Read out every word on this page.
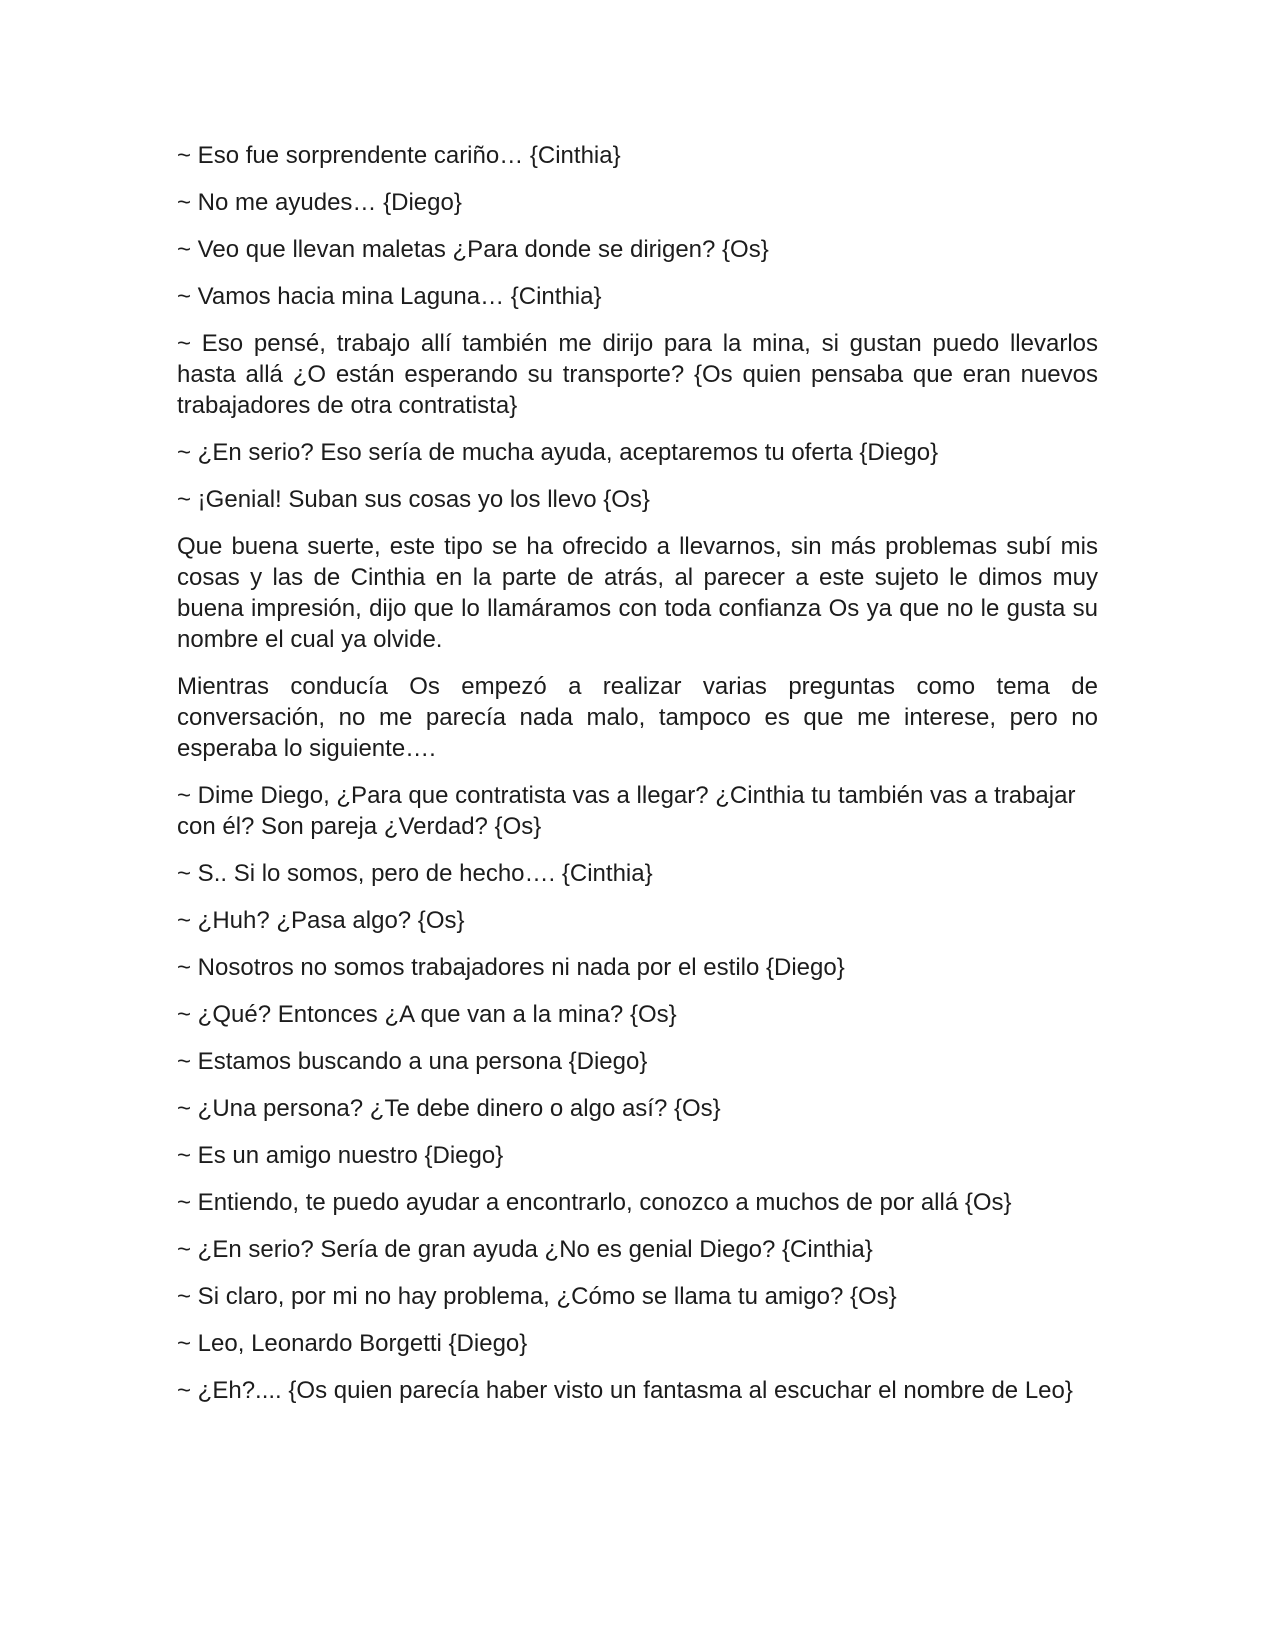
~ Eso fue sorprendente cariño… {Cinthia}

~ No me ayudes… {Diego}

~ Veo que llevan maletas ¿Para donde se dirigen? {Os}

~ Vamos hacia mina Laguna… {Cinthia}

~ Eso pensé, trabajo allí también me dirijo para la mina, si gustan puedo llevarlos hasta allá ¿O están esperando su transporte? {Os quien pensaba que eran nuevos trabajadores de otra contratista}

~ ¿En serio? Eso sería de mucha ayuda, aceptaremos tu oferta {Diego}

~ ¡Genial! Suban sus cosas yo los llevo {Os}

Que buena suerte, este tipo se ha ofrecido a llevarnos, sin más problemas subí mis cosas y las de Cinthia en la parte de atrás, al parecer a este sujeto le dimos muy buena impresión, dijo que lo llamáramos con toda confianza Os ya que no le gusta su nombre el cual ya olvide.

Mientras conducía Os empezó a realizar varias preguntas como tema de conversación, no me parecía nada malo, tampoco es que me interese, pero no esperaba lo siguiente….

~ Dime Diego, ¿Para que contratista vas a llegar? ¿Cinthia tu también vas a trabajar con él? Son pareja ¿Verdad? {Os}

~ S.. Si lo somos, pero de hecho…. {Cinthia}

~ ¿Huh? ¿Pasa algo? {Os}

~ Nosotros no somos trabajadores ni nada por el estilo {Diego}

~ ¿Qué? Entonces ¿A que van a la mina? {Os}

~ Estamos buscando a una persona {Diego}

~ ¿Una persona? ¿Te debe dinero o algo así? {Os}

~ Es un amigo nuestro {Diego}

~ Entiendo, te puedo ayudar a encontrarlo, conozco a muchos de por allá {Os}

~ ¿En serio? Sería de gran ayuda ¿No es genial Diego? {Cinthia}

~ Si claro, por mi no hay problema, ¿Cómo se llama tu amigo? {Os}

~ Leo, Leonardo Borgetti {Diego}

~ ¿Eh?.... {Os quien parecía haber visto un fantasma al escuchar el nombre de Leo}
